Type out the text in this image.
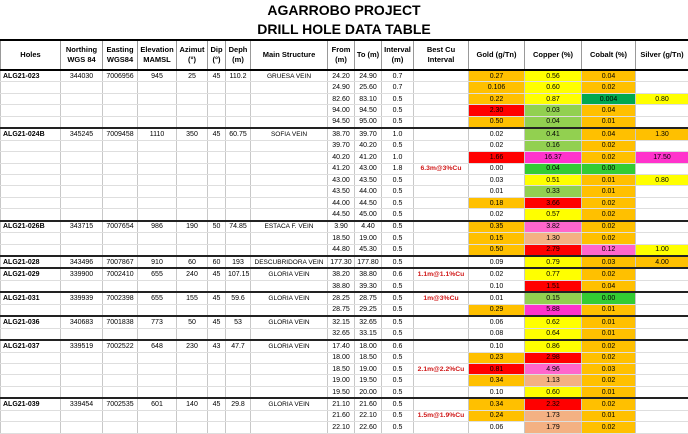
AGARROBO PROJECT
DRILL HOLE DATA TABLE
Holes	Northing WGS 84	Easting WGS84	Elevation MAMSL	Azimut (°)	Dip (°)	Deph (m)	Main Structure	From (m)	To (m)	Interval (m)	Best Cu Interval	Gold (g/Tn)	Copper (%)	Cobalt (%)	Silver (g/Tn)
ALG21-023	344030	7006956	945	25	45	110.2	GRUESA VEIN	24.20	24.90	0.7		0.27	0.56	0.04	
								24.90	25.60	0.7		0.106	0.60	0.02	
								82.60	83.10	0.5		0.22	0.87	0.004	0.80
								94.00	94.50	0.5		2.30	0.03	0.04	
								94.50	95.00	0.5		0.50	0.04	0.01	
ALG21-024B	345245	7009458	1110	350	45	60.75	SOFIA VEIN	38.70	39.70	1.0		0.02	0.41	0.04	1.30
								39.70	40.20	0.5		0.02	0.16	0.02	
								40.20	41.20	1.0		1.66	16.37	0.02	17.50
								41.20	43.00	1.8	6.3m@3%Cu	0.00	0.04	0.00	
								43.00	43.50	0.5		0.03	0.51	0.01	0.80
								43.50	44.00	0.5		0.01	0.33	0.01	
								44.00	44.50	0.5		0.18	3.66	0.02	
								44.50	45.00	0.5		0.02	0.57	0.02	
ALG21-026B	343715	7007654	986	190	50	74.85	ESTACA F. VEIN	3.90	4.40	0.5		0.35	3.82	0.02	
								18.50	19.00	0.5		0.15	1.30	0.02	
								44.80	45.30	0.5		0.50	2.79	0.12	1.00
ALG21-028	343496	7007867	910	60	60	193	DESCUBRIDORA VEIN	177.30	177.80	0.5		0.09	0.79	0.03	4.00
ALG21-029	339900	7002410	655	240	45	107.15	GLORIA VEIN	38.20	38.80	0.6	1.1m@1.1%Cu	0.02	0.77	0.02	
								38.80	39.30	0.5		0.10	1.51	0.04	
ALG21-031	339939	7002398	655	155	45	59.6	GLORIA VEIN	28.25	28.75	0.5	1m@3%Cu	0.01	0.15	0.00	
								28.75	29.25	0.5		0.29	5.88	0.01	
ALG21-036	340683	7001838	773	50	45	53	GLORIA VEIN	32.15	32.65	0.5		0.06	0.62	0.01	
								32.65	33.15	0.5		0.08	0.64	0.01	
ALG21-037	339519	7002522	648	230	43	47.7	GLORIA VEIN	17.40	18.00	0.6		0.10	0.86	0.02	
								18.00	18.50	0.5		0.23	2.98	0.02	
								18.50	19.00	0.5	2.1m@2.2%Cu	0.81	4.96	0.03	
								19.00	19.50	0.5		0.34	1.13	0.02	
								19.50	20.00	0.5		0.10	0.60	0.01	
ALG21-039	339454	7002535	601	140	45	29.8	GLORIA VEIN	21.10	21.60	0.5		0.34	2.32	0.02	
								21.60	22.10	0.5	1.5m@1.9%Cu	0.24	1.73	0.01	
								22.10	22.60	0.5		0.06	1.79	0.02	
